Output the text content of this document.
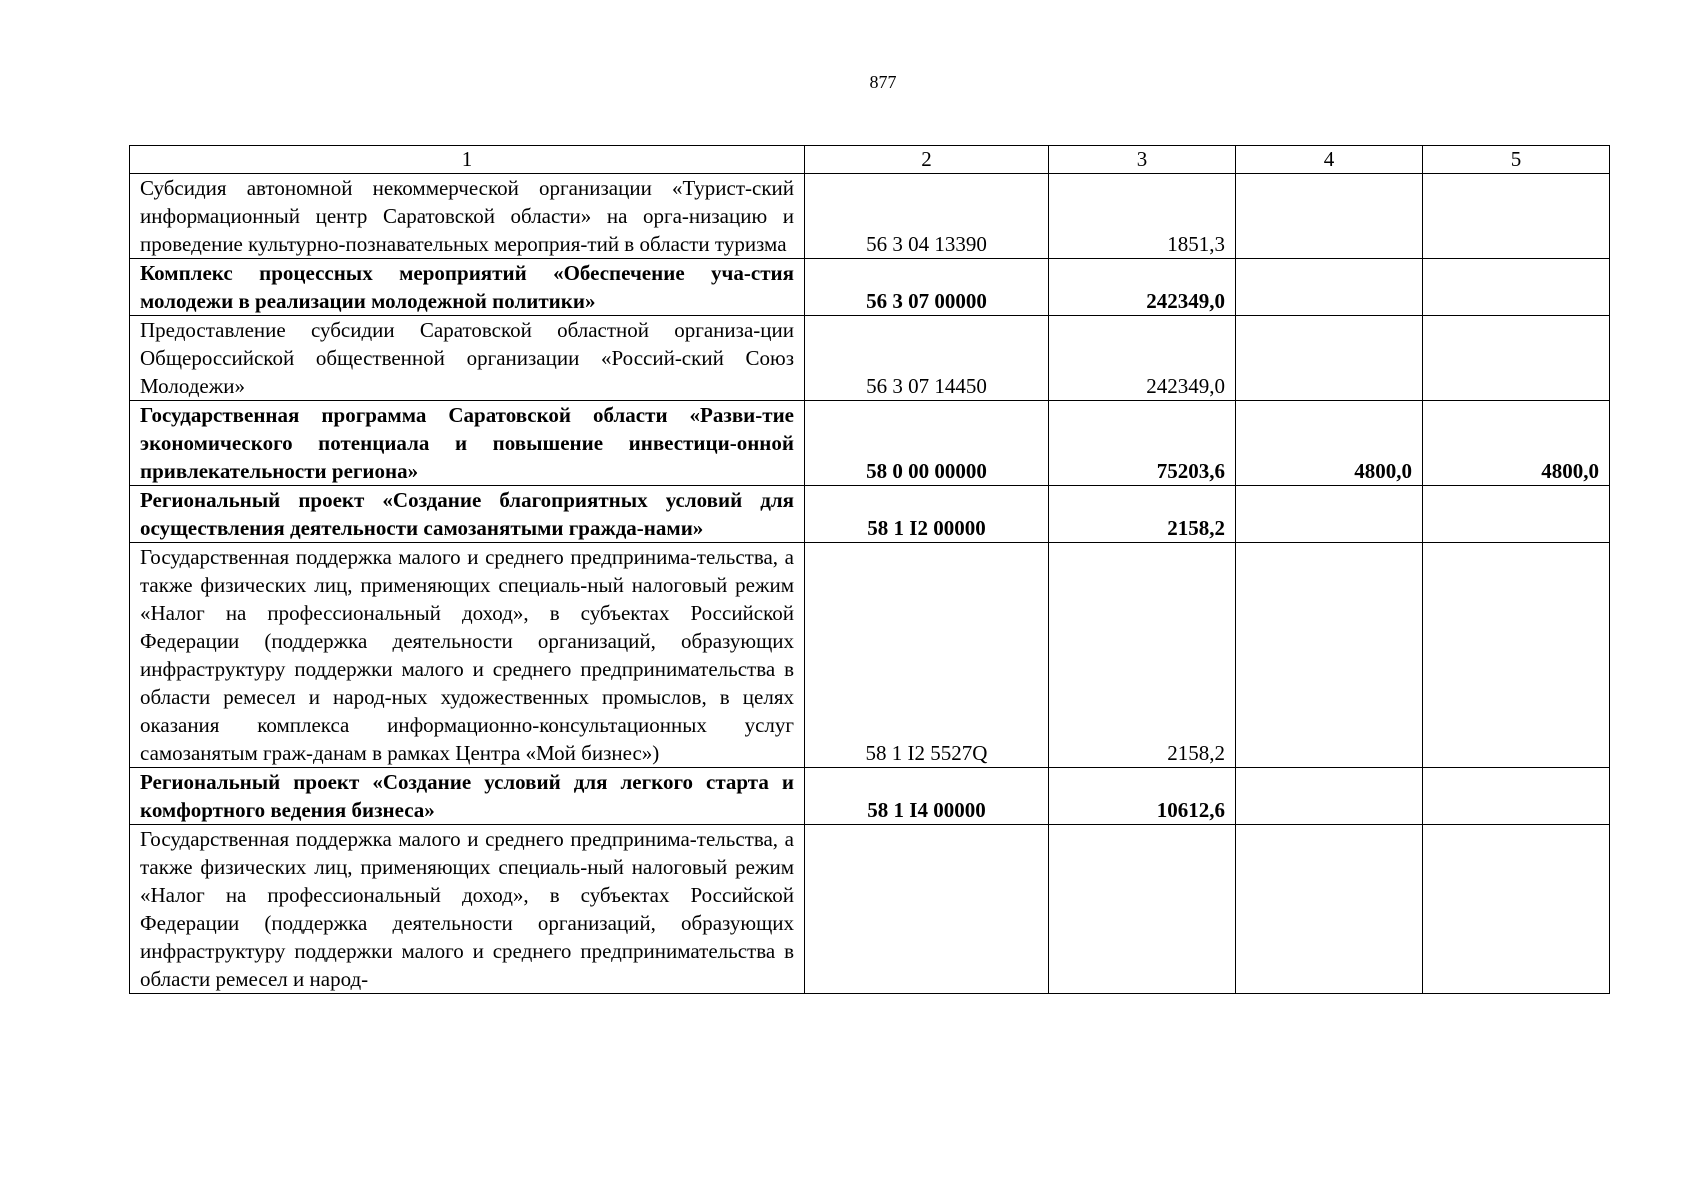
877
1	2	3	4	5
Субсидия автономной некоммерческой организации «Турист-ский информационный центр Саратовской области» на орга-низацию и проведение культурно-познавательных мероприя-тий в области туризма	56 3 04 13390	1851,3		
Комплекс процессных мероприятий «Обеспечение уча-стия молодежи в реализации молодежной политики»	56 3 07 00000	242349,0		
Предоставление субсидии Саратовской областной организа-ции Общероссийской общественной организации «Россий-ский Союз Молодежи»	56 3 07 14450	242349,0		
Государственная программа Саратовской области «Разви-тие экономического потенциала и повышение инвестици-онной привлекательности региона»	58 0 00 00000	75203,6	4800,0	4800,0
Региональный проект «Создание благоприятных условий для осуществления деятельности самозанятыми гражда-нами»	58 1 I2 00000	2158,2		
Государственная поддержка малого и среднего предпринима-тельства, а также физических лиц, применяющих специаль-ный налоговый режим «Налог на профессиональный доход», в субъектах Российской Федерации (поддержка деятельности организаций, образующих инфраструктуру поддержки малого и среднего предпринимательства в области ремесел и народ-ных художественных промыслов, в целях оказания комплекса информационно-консультационных услуг самозанятым граж-данам в рамках Центра «Мой бизнес»)	58 1 I2 5527Q	2158,2		
Региональный проект «Создание условий для легкого старта и комфортного ведения бизнеса»	58 1 I4 00000	10612,6		
Государственная поддержка малого и среднего предпринима-тельства, а также физических лиц, применяющих специаль-ный налоговый режим «Налог на профессиональный доход», в субъектах Российской Федерации (поддержка деятельности организаций, образующих инфраструктуру поддержки малого и среднего предпринимательства в области ремесел и народ-				
